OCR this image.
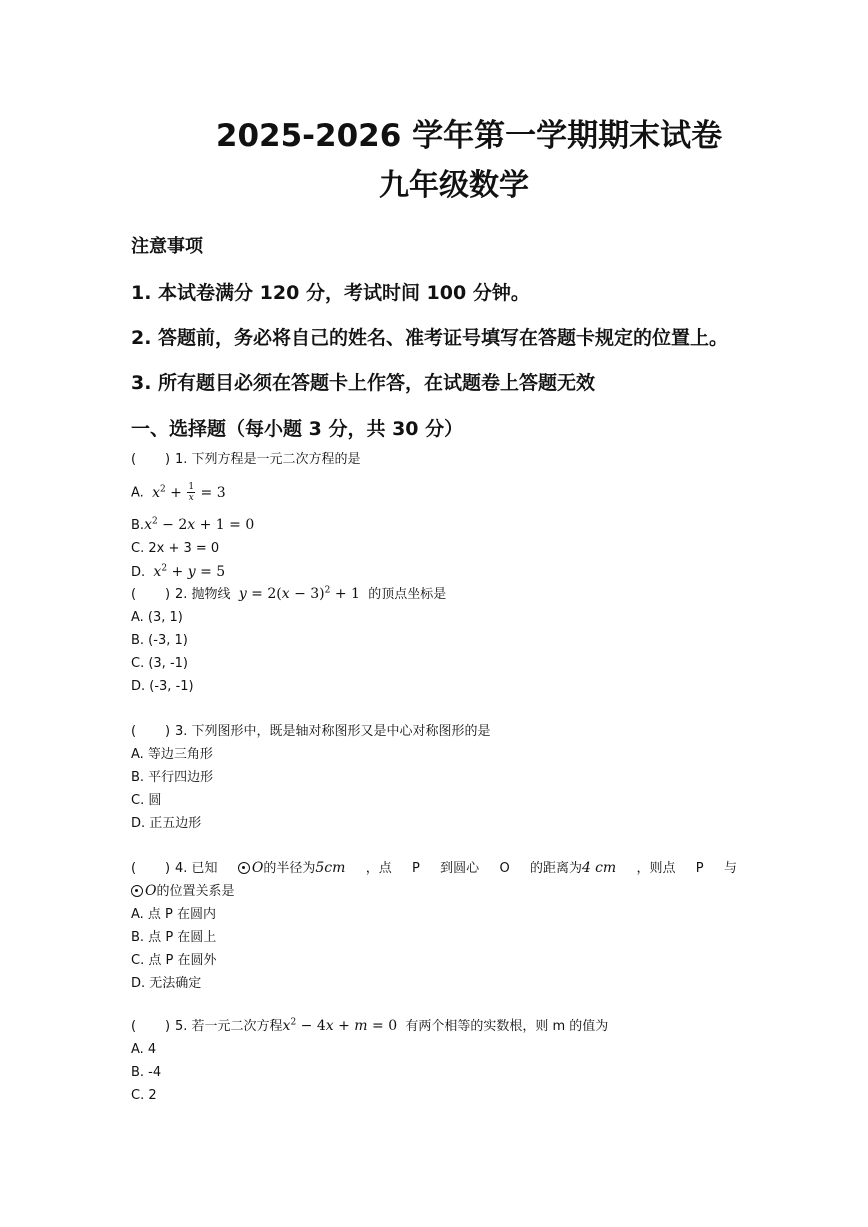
2025-2026 学年第一学期期末试卷
九年级数学
注意事项
1. 本试卷满分 120 分，考试时间 100 分钟。
2. 答题前，务必将自己的姓名、准考证号填写在答题卡规定的位置上。
3. 所有题目必须在答题卡上作答，在试题卷上答题无效
一、选择题（每小题 3 分，共 30 分）
( ) 1. 下列方程是一元二次方程的是
A. $x^2 + \frac{1}{x} = 3$
$B.x^2 - 2x + 1 = 0$
C. 2x + 3 = 0
D. $x^2 + y = 5$
( ) 2. 抛物线 $y = 2(x - 3)^2 + 1$ 的顶点坐标是
A. (3, 1)
B. (-3, 1)
C. (3, -1)
D. (-3, -1)
( ) 3. 下列图形中，既是轴对称图形又是中心对称图形的是
A. 等边三角形
B. 平行四边形
C. 圆
D. 正五边形
( ) 4. 已知	O的半径为5cm ，点 P 到圆心 O 的距离为4 cm ，则点 P 与
O的位置关系是
A. 点 P 在圆内
B. 点 P 在圆上
C. 点 P 在圆外
D. 无法确定
( ) 5. 若一元二次方程$x^2 - 4x + m = 0$ 有两个相等的实数根，则 m 的值为
A. 4
B. -4
C. 2
